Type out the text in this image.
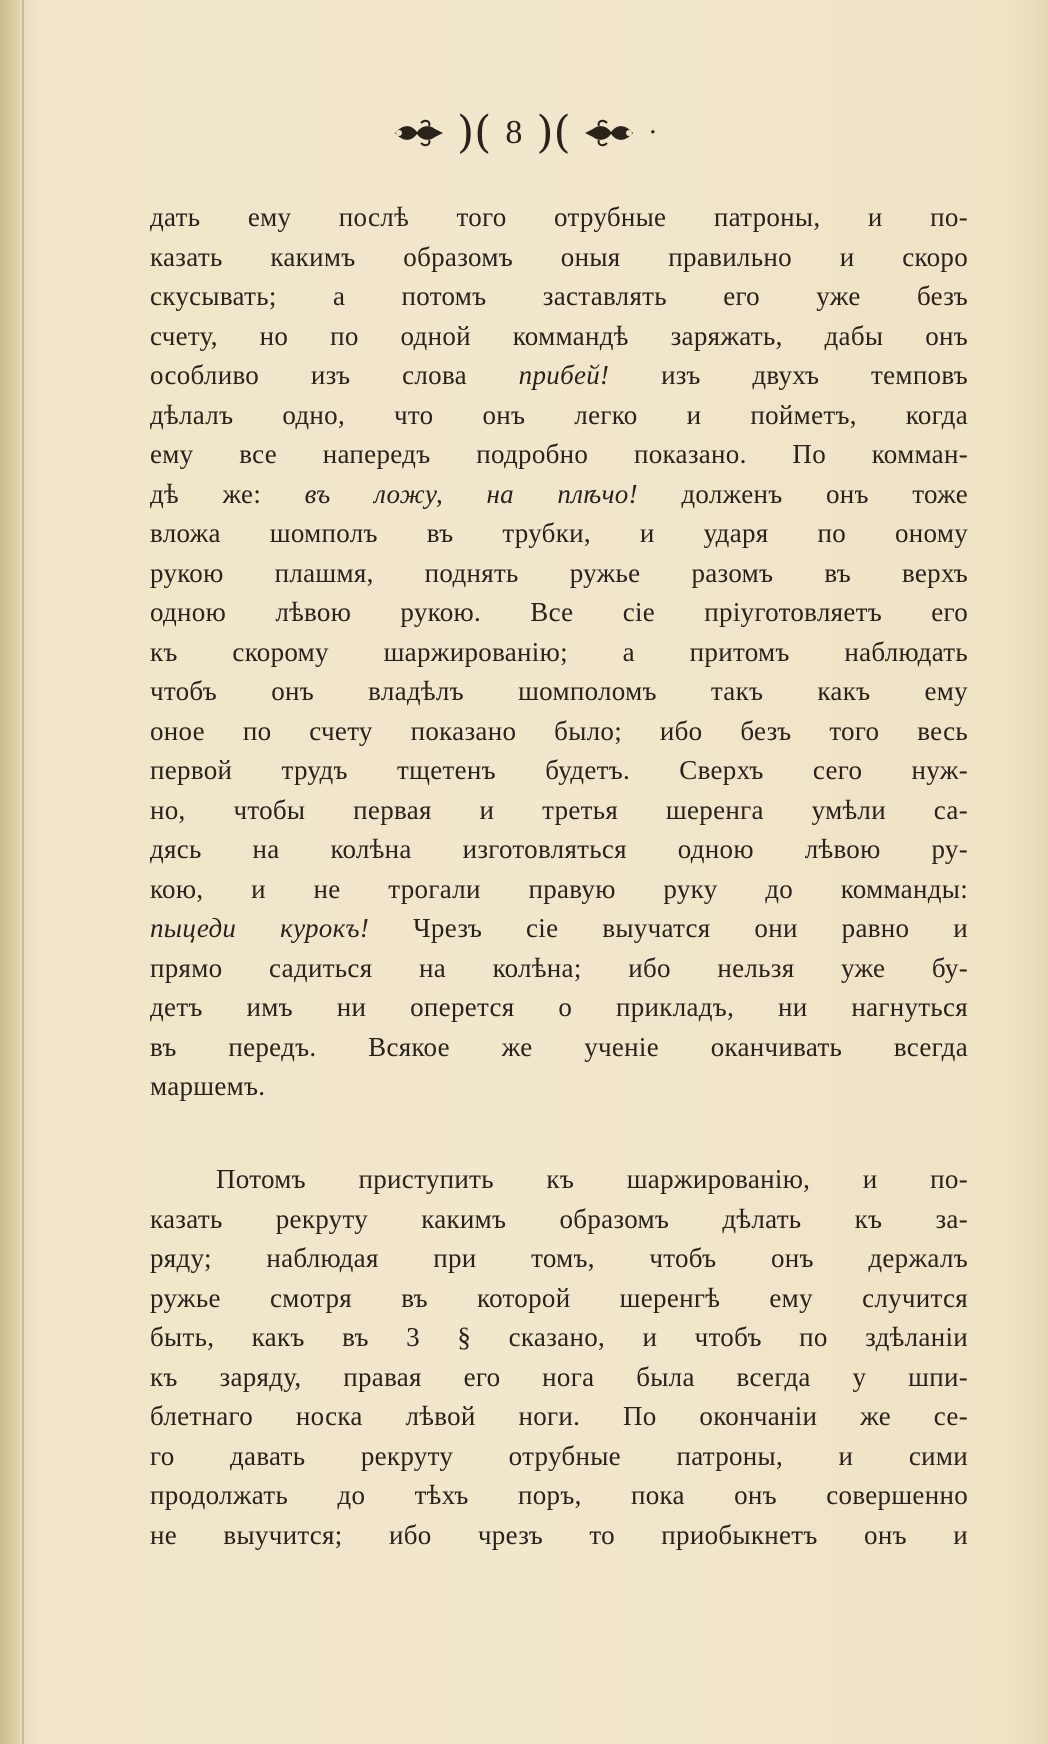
)( 8 )(	·
дать ему послѣ того отрубные патроны, и по-
казать какимъ образомъ оныя правильно и скоро
скусывать; а потомъ заставлять его уже безъ
счету, но по одной коммандѣ заряжать, дабы онъ
особливо изъ слова прибей! изъ двухъ темповъ
дѣлалъ одно, что онъ легко и пойметъ, когда
ему все напередъ подробно показано. По комман-
дѣ же: въ ложу, на плѣчо! долженъ онъ тоже
вложа шомполъ въ трубки, и ударя по оному
рукою плашмя, поднять ружье разомъ въ верхъ
одною лѣвою рукою. Все сіе пріуготовляетъ его
къ скорому шаржированію; а притомъ наблюдать
чтобъ онъ владѣлъ шомполомъ такъ какъ ему
оное по счету показано было; ибо безъ того весь
первой трудъ тщетенъ будетъ. Сверхъ сего нуж-
но, чтобы первая и третья шеренга умѣли са-
дясь на колѣна изготовляться одною лѣвою ру-
кою, и не трогали правую руку до комманды:
пыцеди курокъ! Чрезъ сіе выучатся они равно и
прямо садиться на колѣна; ибо нельзя уже бу-
детъ имъ ни оперется о прикладъ, ни нагнуться
въ передъ. Всякое же ученіе оканчивать всегда
маршемъ.
Потомъ приступить къ шаржированію, и по-
казать рекруту какимъ образомъ дѣлать къ за-
ряду; наблюдая при томъ, чтобъ онъ держалъ
ружье смотря въ которой шеренгѣ ему случится
быть, какъ въ 3 § сказано, и чтобъ по здѣланіи
къ заряду, правая его нога была всегда у шпи-
блетнаго носка лѣвой ноги. По окончаніи же се-
го давать рекруту отрубные патроны, и сими
продолжать до тѣхъ поръ, пока онъ совершенно
не выучится; ибо чрезъ то приобыкнетъ онъ и
